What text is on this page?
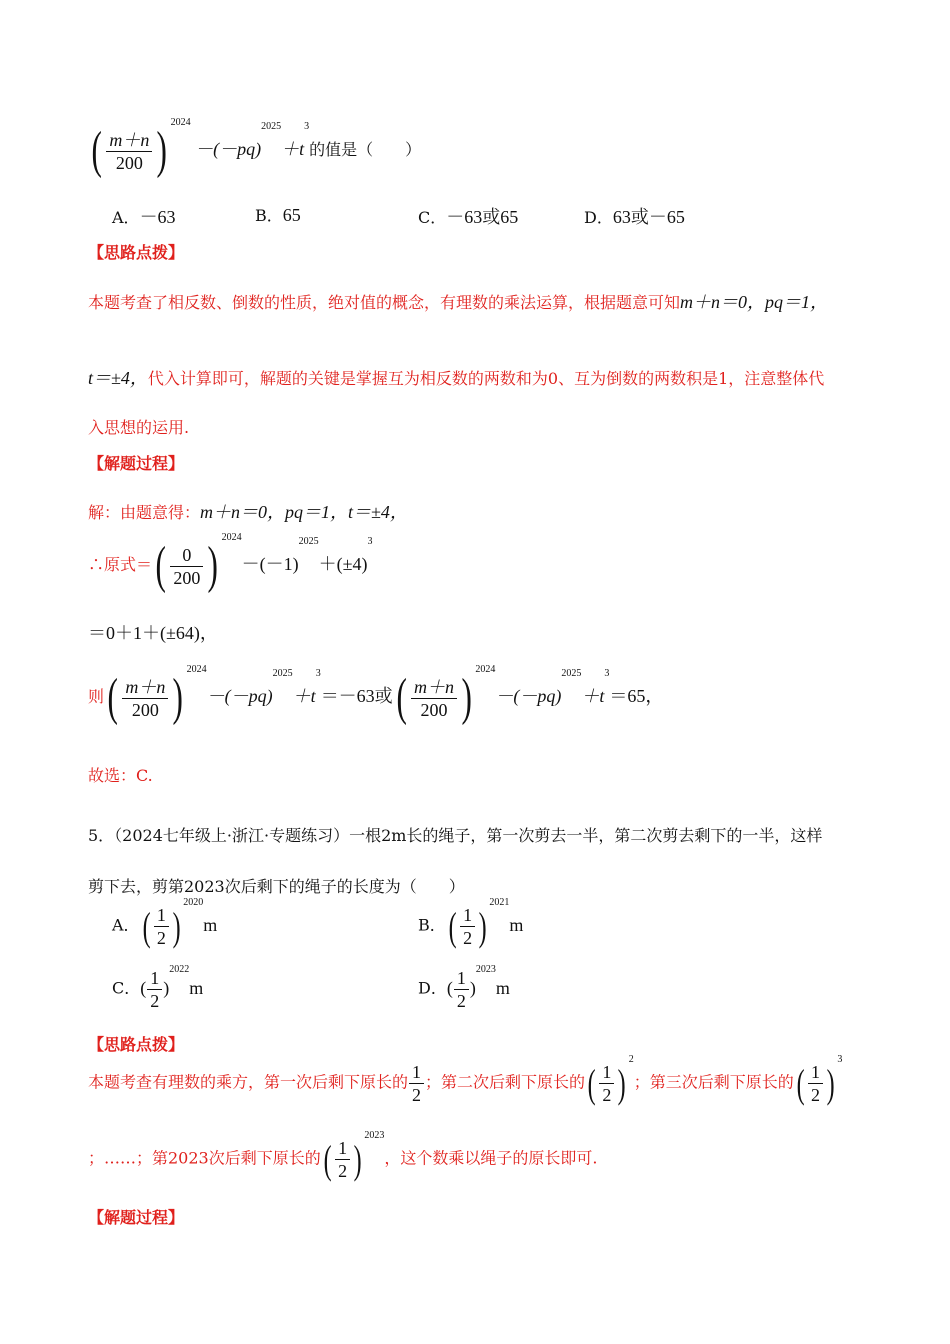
( $\frac{m+n}{200}$ ) $^{2024} -(-pq)^{2025}+t^3$的值是（　　）
A．－63	B．65	C．－63或65	D．63或－65
【思路点拨】
本题考查了相反数、倒数的性质，绝对值的概念，有理数的乘法运算，根据题意可知m＋n＝0，pq＝1，
t＝±4，代入计算即可，解题的关键是掌握互为相反数的两数和为0、互为倒数的两数积是1，注意整体代
入思想的运用.
【解题过程】
解：由题意得：m＋n＝0，pq＝1，t＝±4，
∴原式＝( $\frac{0}{200}$ ) $^{2024}-(-1)^{2025}+(\pm 4)^3$
＝0＋1＋(±64)，
则( $\frac{m+n}{200}$ ) $^{2024}-(-pq)^{2025}+t^3=-63$或( $\frac{m+n}{200}$ ) $^{2024}-(-pq)^{2025}+t^3=65$，
故选：C.
5．（2024七年级上·浙江·专题练习）一根2m长的绳子，第一次剪去一半，第二次剪去剩下的一半，这样
剪下去，剪第2023次后剩下的绳子的长度为（　　）
A．( $\frac{1}{2} )^{2020}m$	B．( $\frac{1}{2} )^{2021}m$
C．( $\frac{1}{2} )^{2022}m$	D．( $\frac{1}{2} )^{2023}m$
【思路点拨】
本题考查有理数的乘方，第一次后剩下原长的 $\frac{1}{2}$ ；第二次后剩下原长的( $\frac{1}{2} )^2$；第三次后剩下原长的( $\frac{1}{2} )^3$
；……；第2023次后剩下原长的( $\frac{1}{2} )^{2023}$，这个数乘以绳子的原长即可.
【解题过程】
